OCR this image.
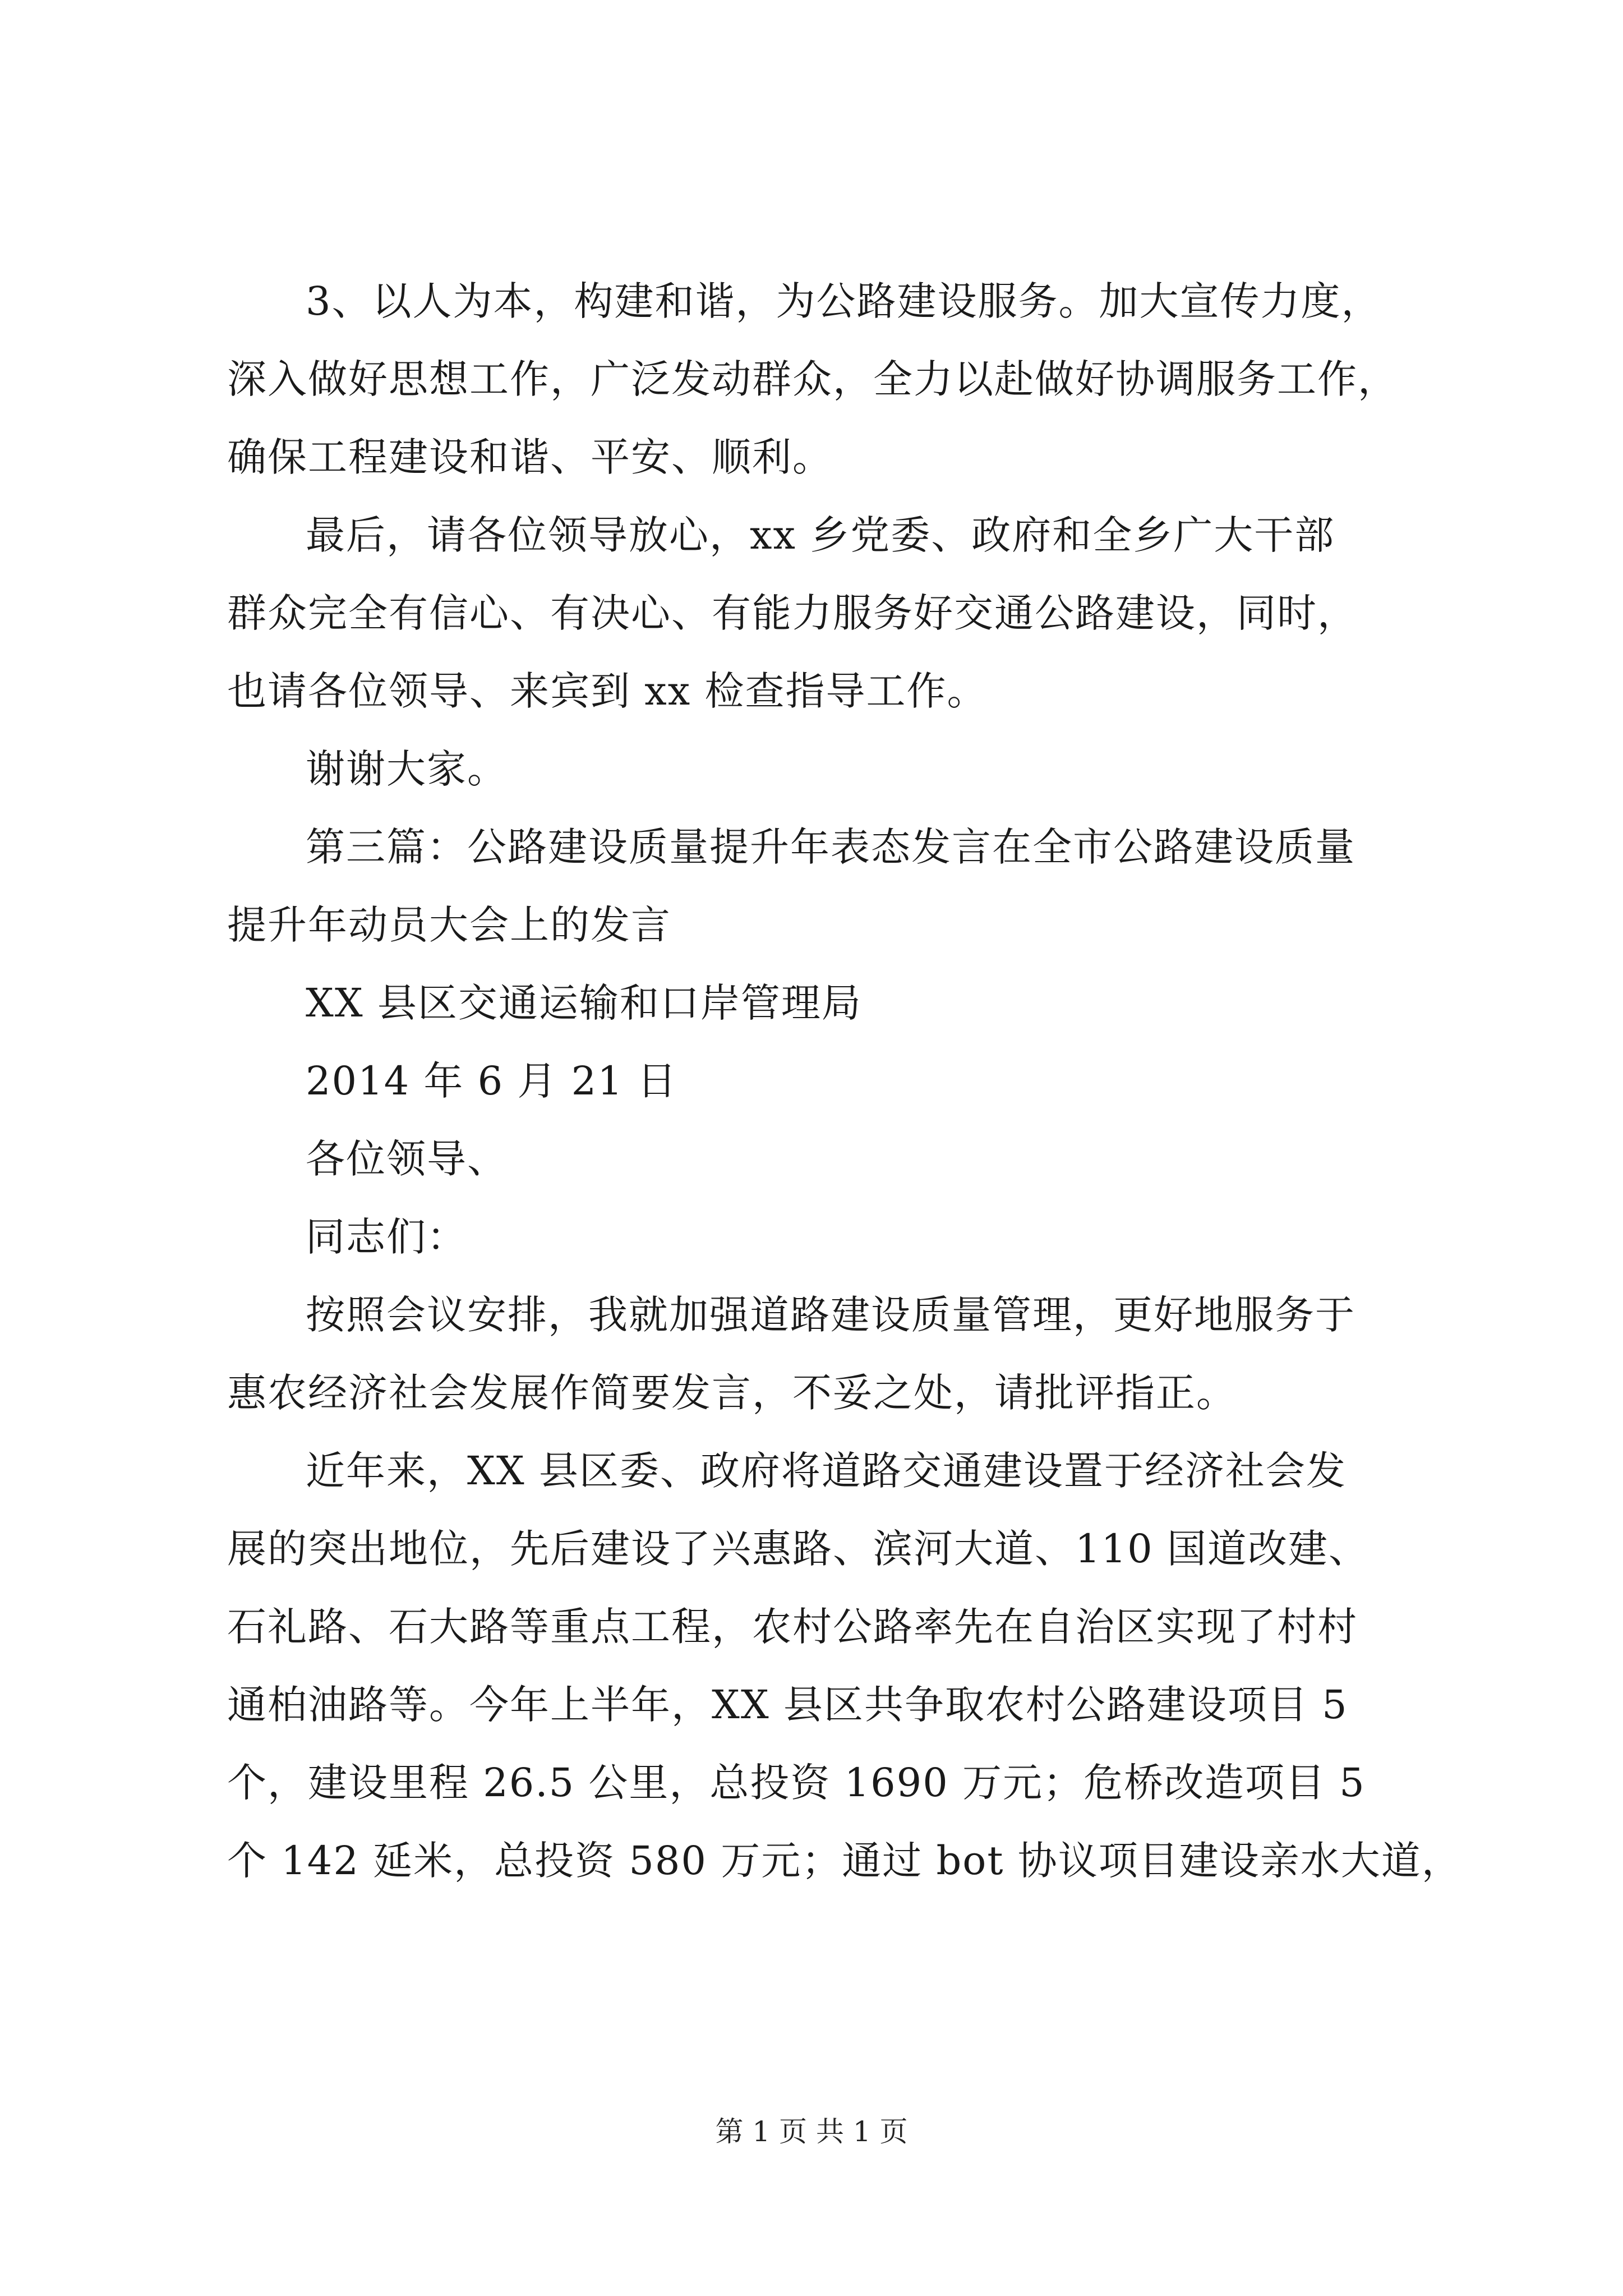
3、以人为本，构建和谐，为公路建设服务。加大宣传力度，
深入做好思想工作，广泛发动群众，全力以赴做好协调服务工作，
确保工程建设和谐、平安、顺利。
最后，请各位领导放心，xx 乡党委、政府和全乡广大干部
群众完全有信心、有决心、有能力服务好交通公路建设，同时，
也请各位领导、来宾到 xx 检查指导工作。
谢谢大家。
第三篇：公路建设质量提升年表态发言在全市公路建设质量
提升年动员大会上的发言
XX 县区交通运输和口岸管理局
2014 年 6 月 21 日
各位领导、
同志们：
按照会议安排，我就加强道路建设质量管理，更好地服务于
惠农经济社会发展作简要发言，不妥之处，请批评指正。
近年来，XX 县区委、政府将道路交通建设置于经济社会发
展的突出地位，先后建设了兴惠路、滨河大道、110 国道改建、
石礼路、石大路等重点工程，农村公路率先在自治区实现了村村
通柏油路等。今年上半年，XX 县区共争取农村公路建设项目 5
个，建设里程 26.5 公里，总投资 1690 万元；危桥改造项目 5
个 142 延米，总投资 580 万元；通过 bot 协议项目建设亲水大道，
第 1 页 共 1 页
